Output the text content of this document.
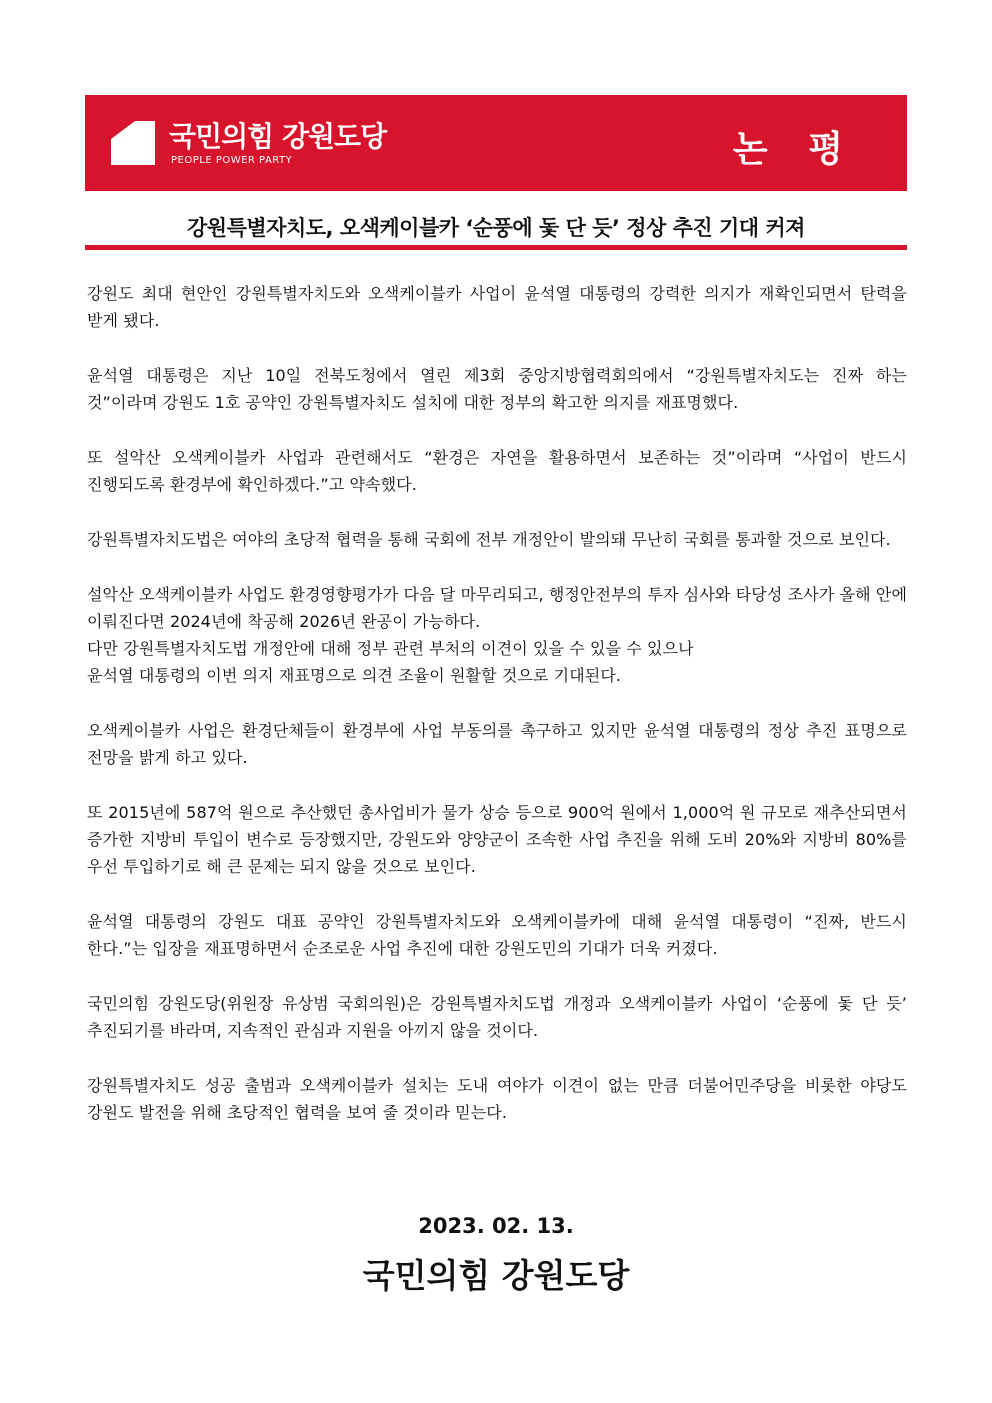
국민의힘 강원도당
PEOPLE POWER PARTY	논 평
강원특별자치도, 오색케이블카 ‘순풍에 돛 단 듯’ 정상 추진 기대 커져

강원도 최대 현안인 강원특별자치도와 오색케이블카 사업이 윤석열 대통령의 강력한 의지가 재확인되면서 탄력을 받게 됐다.

윤석열 대통령은 지난 10일 전북도청에서 열린 제3회 중앙지방협력회의에서 “강원특별자치도는 진짜 하는 것”이라며 강원도 1호 공약인 강원특별자치도 설치에 대한 정부의 확고한 의지를 재표명했다.

또 설악산 오색케이블카 사업과 관련해서도 “환경은 자연을 활용하면서 보존하는 것”이라며 “사업이 반드시 진행되도록 환경부에 확인하겠다.”고 약속했다.

강원특별자치도법은 여야의 초당적 협력을 통해 국회에 전부 개정안이 발의돼 무난히 국회를 통과할 것으로 보인다.

설악산 오색케이블카 사업도 환경영향평가가 다음 달 마무리되고, 행정안전부의 투자 심사와 타당성 조사가 올해 안에 이뤄진다면 2024년에 착공해 2026년 완공이 가능하다.
다만 강원특별자치도법 개정안에 대해 정부 관련 부처의 이견이 있을 수 있을 수 있으나
윤석열 대통령의 이번 의지 재표명으로 의견 조율이 원활할 것으로 기대된다.

오색케이블카 사업은 환경단체들이 환경부에 사업 부동의를 촉구하고 있지만 윤석열 대통령의 정상 추진 표명으로 전망을 밝게 하고 있다.

또 2015년에 587억 원으로 추산했던 총사업비가 물가 상승 등으로 900억 원에서 1,000억 원 규모로 재추산되면서 증가한 지방비 투입이 변수로 등장했지만, 강원도와 양양군이 조속한 사업 추진을 위해 도비 20%와 지방비 80%를 우선 투입하기로 해 큰 문제는 되지 않을 것으로 보인다.

윤석열 대통령의 강원도 대표 공약인 강원특별자치도와 오색케이블카에 대해 윤석열 대통령이 “진짜, 반드시 한다.”는 입장을 재표명하면서 순조로운 사업 추진에 대한 강원도민의 기대가 더욱 커졌다.

국민의힘 강원도당(위원장 유상범 국회의원)은 강원특별자치도법 개정과 오색케이블카 사업이 ‘순풍에 돛 단 듯’ 추진되기를 바라며, 지속적인 관심과 지원을 아끼지 않을 것이다.

강원특별자치도 성공 출범과 오색케이블카 설치는 도내 여야가 이견이 없는 만큼 더불어민주당을 비롯한 야당도 강원도 발전을 위해 초당적인 협력을 보여 줄 것이라 믿는다.

2023. 02. 13.
국민의힘 강원도당
